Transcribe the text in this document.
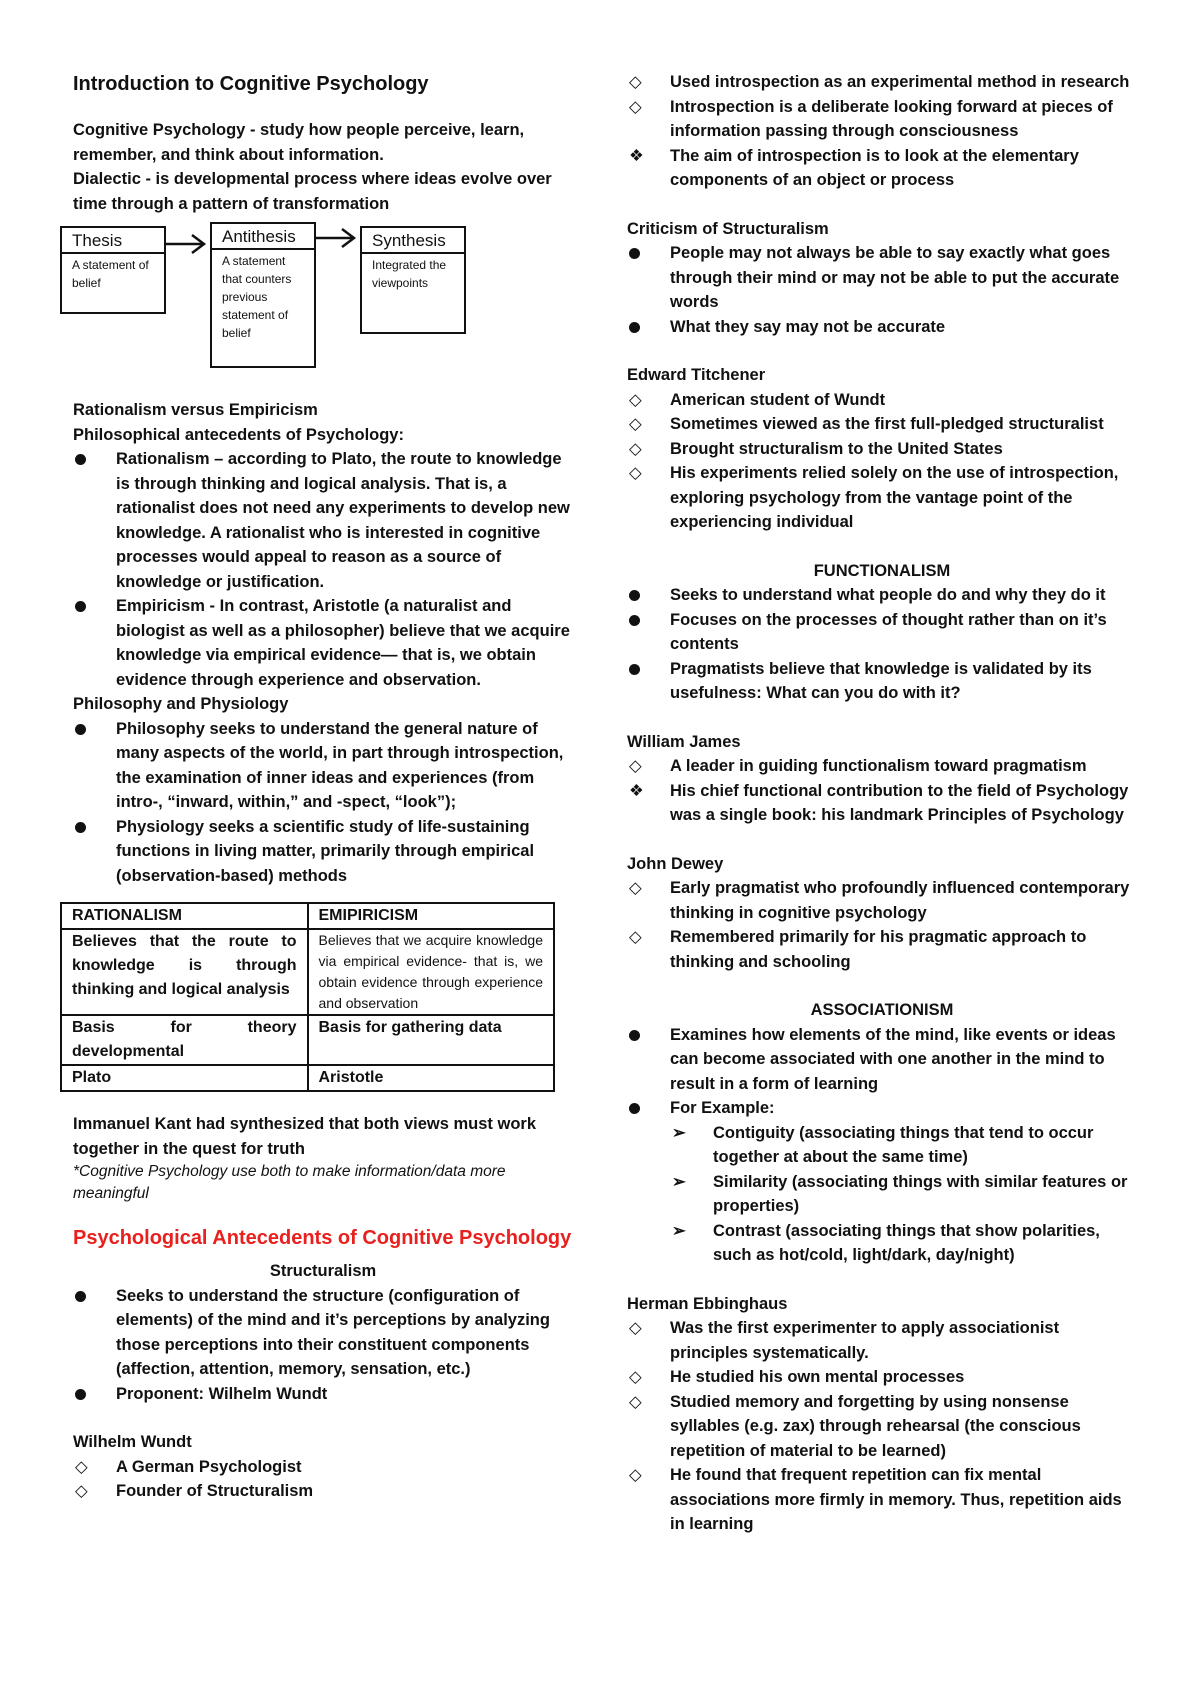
Introduction to Cognitive Psychology

Cognitive Psychology - study how people perceive, learn, remember, and think about information.

Dialectic - is developmental process where ideas evolve over time through a pattern of transformation

Thesis
A statement of belief
Antithesis
A statement that counters previous statement of belief
Synthesis
Integrated the viewpoints

Rationalism versus Empiricism

Philosophical antecedents of Psychology:

Rationalism – according to Plato, the route to knowledge is through thinking and logical analysis. That is, a rationalist does not need any experiments to develop new knowledge. A rationalist who is interested in cognitive processes would appeal to reason as a source of knowledge or justification.
Empiricism - In contrast, Aristotle (a naturalist and biologist as well as a philosopher) believe that we acquire knowledge via empirical evidence— that is, we obtain evidence through experience and observation.

Philosophy and Physiology

Philosophy seeks to understand the general nature of many aspects of the world, in part through introspection, the examination of inner ideas and experiences (from intro-, “inward, within,” and -spect, “look”);
Physiology seeks a scientific study of life-sustaining functions in living matter, primarily through empirical (observation-based) methods
RATIONALISM	EMIPIRICISM
Believes that the route to knowledge is through thinking and logical analysis	Believes that we acquire knowledge via empirical evidence- that is, we obtain evidence through experience and observation
Basis for theory developmental	Basis for gathering data
Plato	Aristotle

Immanuel Kant had synthesized that both views must work together in the quest for truth

*Cognitive Psychology use both to make information/data more meaningful

Psychological Antecedents of Cognitive Psychology

Structuralism

Seeks to understand the structure (configuration of elements) of the mind and it’s perceptions by analyzing those perceptions into their constituent components (affection, attention, memory, sensation, etc.)
Proponent: Wilhelm Wundt

Wilhelm Wundt

◇	A German Psychologist
◇	Founder of Structuralism
◇	Used introspection as an experimental method in research
◇	Introspection is a deliberate looking forward at pieces of information passing through consciousness
❖	The aim of introspection is to look at the elementary components of an object or process

Criticism of Structuralism

People may not always be able to say exactly what goes through their mind or may not be able to put the accurate words
What they say may not be accurate

Edward Titchener

◇	American student of Wundt
◇	Sometimes viewed as the first full-pledged structuralist
◇	Brought structuralism to the United States
◇	His experiments relied solely on the use of introspection, exploring psychology from the vantage point of the experiencing individual

FUNCTIONALISM

Seeks to understand what people do and why they do it
Focuses on the processes of thought rather than on it’s contents
Pragmatists believe that knowledge is validated by its usefulness: What can you do with it?

William James

◇	A leader in guiding functionalism toward pragmatism
❖	His chief functional contribution to the field of Psychology was a single book: his landmark Principles of Psychology

John Dewey

◇	Early pragmatist who profoundly influenced contemporary thinking in cognitive psychology
◇	Remembered primarily for his pragmatic approach to thinking and schooling

ASSOCIATIONISM

Examines how elements of the mind, like events or ideas can become associated with one another in the mind to result in a form of learning
For Example:
➢ Contiguity (associating things that tend to occur together at about the same time)
➢ Similarity (associating things with similar features or properties)
➢ Contrast (associating things that show polarities, such as hot/cold, light/dark, day/night)

Herman Ebbinghaus

◇	Was the first experimenter to apply associationist principles systematically.
◇	He studied his own mental processes
◇	Studied memory and forgetting by using nonsense syllables (e.g. zax) through rehearsal (the conscious repetition of material to be learned)
◇	He found that frequent repetition can fix mental associations more firmly in memory. Thus, repetition aids in learning
